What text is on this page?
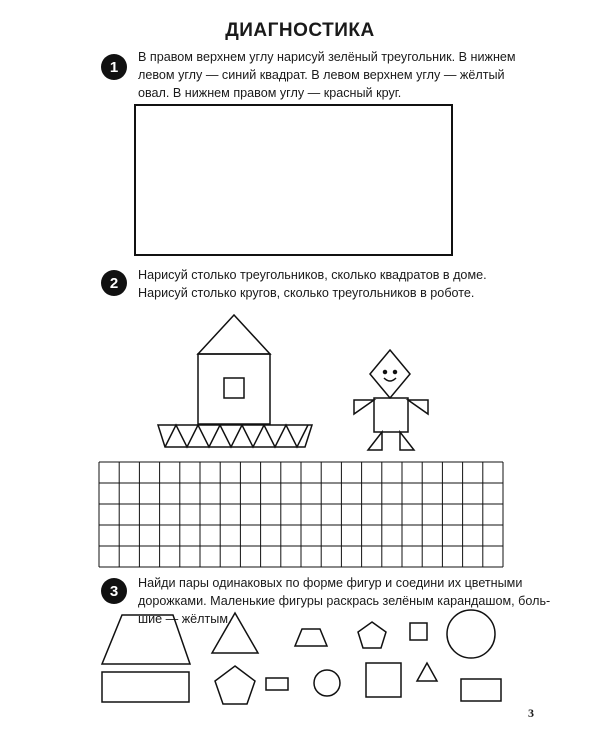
ДИАГНОСТИКА
1

В правом верхнем углу нарисуй зелёный треугольник. В нижнем
левом углу — синий квадрат. В левом верхнем углу — жёлтый
овал. В нижнем правом углу — красный круг.

2	Нарисуй столько треугольников, сколько квадратов в доме.
Нарисуй столько кругов, сколько треугольников в роботе.

3	Найди пары одинаковых по форме фигур и соедини их цветными
дорожками. Маленькие фигуры раскрась зелёным карандашом, боль-
шие — жёлтым.

3
